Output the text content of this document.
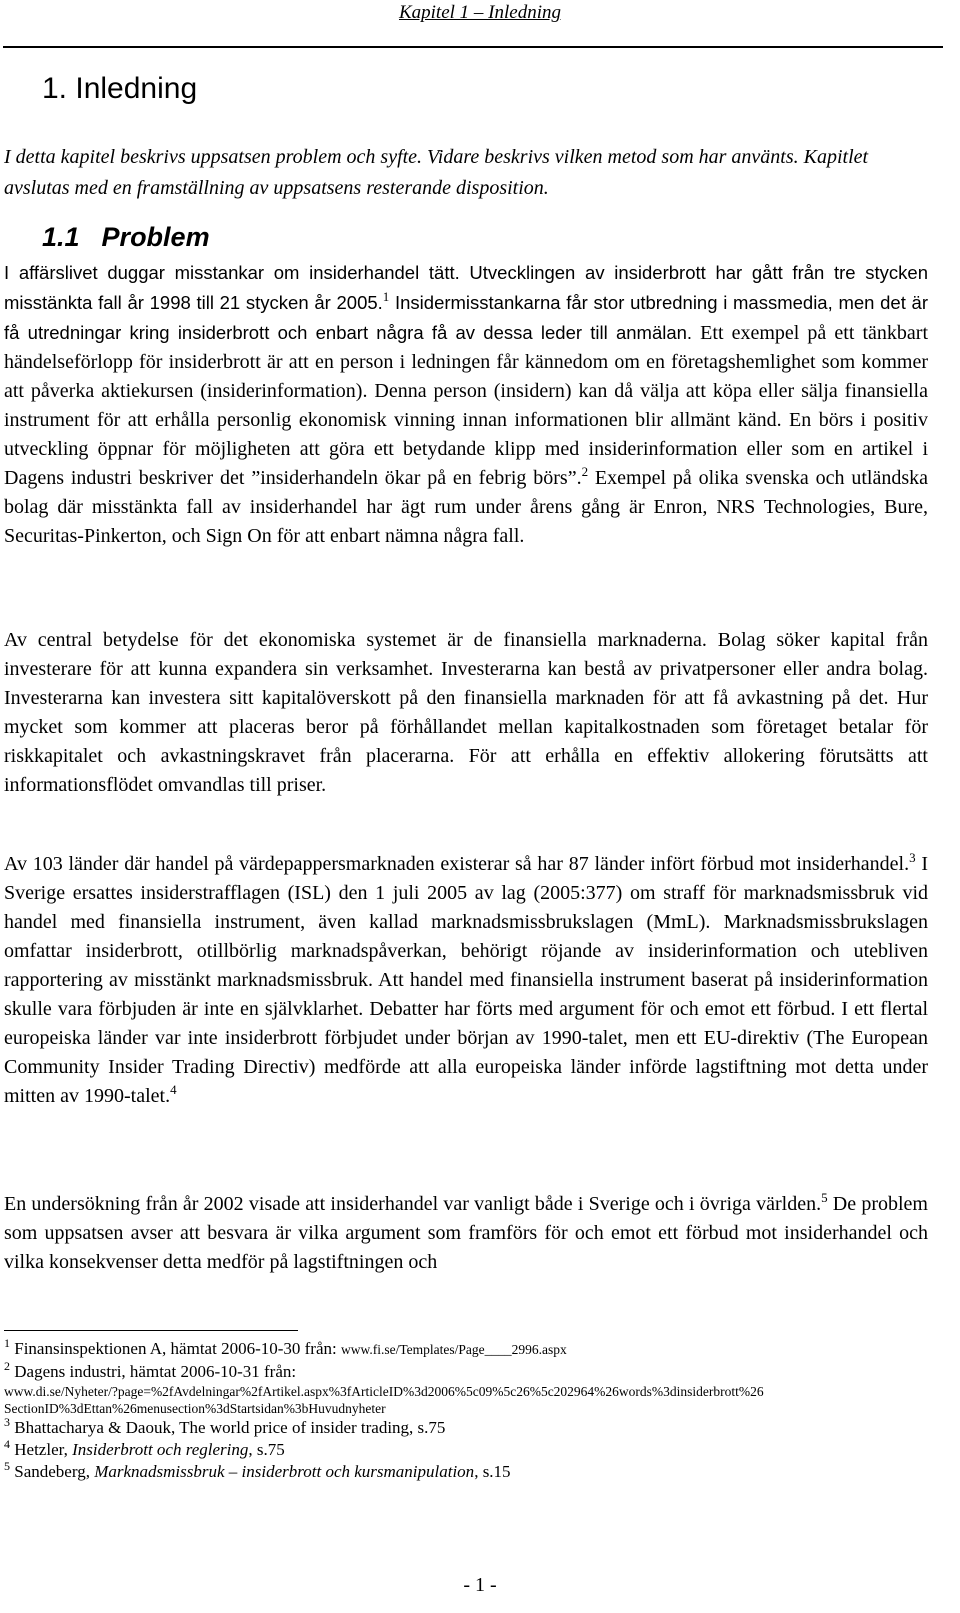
Kapitel 1 – Inledning
1. Inledning

I detta kapitel beskrivs uppsatsen problem och syfte. Vidare beskrivs vilken metod som har använts. Kapitlet avslutas med en framställning av uppsatsens resterande disposition.

1.1 Problem

I affärslivet duggar misstankar om insiderhandel tätt. Utvecklingen av insiderbrott har gått från tre stycken misstänkta fall år 1998 till 21 stycken år 2005.$^1$ Insidermisstankarna får stor utbredning i massmedia, men det är få utredningar kring insiderbrott och enbart några få av dessa leder till anmälan. Ett exempel på ett tänkbart händelseförlopp för insiderbrott är att en person i ledningen får kännedom om en företagshemlighet som kommer att påverka aktiekursen (insiderinformation). Denna person (insidern) kan då välja att köpa eller sälja finansiella instrument för att erhålla personlig ekonomisk vinning innan informationen blir allmänt känd. En börs i positiv utveckling öppnar för möjligheten att göra ett betydande klipp med insiderinformation eller som en artikel i Dagens industri beskriver det ”insiderhandeln ökar på en febrig börs”.$^2$ Exempel på olika svenska och utländska bolag där misstänkta fall av insiderhandel har ägt rum under årens gång är Enron, NRS Technologies, Bure, Securitas-Pinkerton, och Sign On för att enbart nämna några fall.

Av central betydelse för det ekonomiska systemet är de finansiella marknaderna. Bolag söker kapital från investerare för att kunna expandera sin verksamhet. Investerarna kan bestå av privatpersoner eller andra bolag. Investerarna kan investera sitt kapitalöverskott på den finansiella marknaden för att få avkastning på det. Hur mycket som kommer att placeras beror på förhållandet mellan kapitalkostnaden som företaget betalar för riskkapitalet och avkastningskravet från placerarna. För att erhålla en effektiv allokering förutsätts att informationsflödet omvandlas till priser.

Av 103 länder där handel på värdepappersmarknaden existerar så har 87 länder infört förbud mot insiderhandel.$^3$ I Sverige ersattes insiderstrafflagen (ISL) den 1 juli 2005 av lag (2005:377) om straff för marknadsmissbruk vid handel med finansiella instrument, även kallad marknadsmissbrukslagen (MmL). Marknadsmissbrukslagen omfattar insiderbrott, otillbörlig marknadspåverkan, behörigt röjande av insiderinformation och utebliven rapportering av misstänkt marknadsmissbruk. Att handel med finansiella instrument baserat på insiderinformation skulle vara förbjuden är inte en självklarhet. Debatter har förts med argument för och emot ett förbud. I ett flertal europeiska länder var inte insiderbrott förbjudet under början av 1990-talet, men ett EU-direktiv (The European Community Insider Trading Directiv) medförde att alla europeiska länder införde lagstiftning mot detta under mitten av 1990-talet.$^4$

En undersökning från år 2002 visade att insiderhandel var vanligt både i Sverige och i övriga världen.$^5$ De problem som uppsatsen avser att besvara är vilka argument som framförs för och emot ett förbud mot insiderhandel och vilka konsekvenser detta medför på lagstiftningen och

$^1$ Finansinspektionen A, hämtat 2006-10-30 från: www.fi.se/Templates/Page____2996.aspx

$^2$ Dagens industri, hämtat 2006-10-31 från:

www.di.se/Nyheter/?page=%2fAvdelningar%2fArtikel.aspx%3fArticleID%3d2006%5c09%5c26%5c202964%26words%3dinsiderbrott%26

SectionID%3dEttan%26menusection%3dStartsidan%3bHuvudnyheter

$^3$ Bhattacharya & Daouk, The world price of insider trading, s.75

$^4$ Hetzler, Insiderbrott och reglering, s.75

$^5$ Sandeberg, Marknadsmissbruk – insiderbrott och kursmanipulation, s.15

- 1 -
